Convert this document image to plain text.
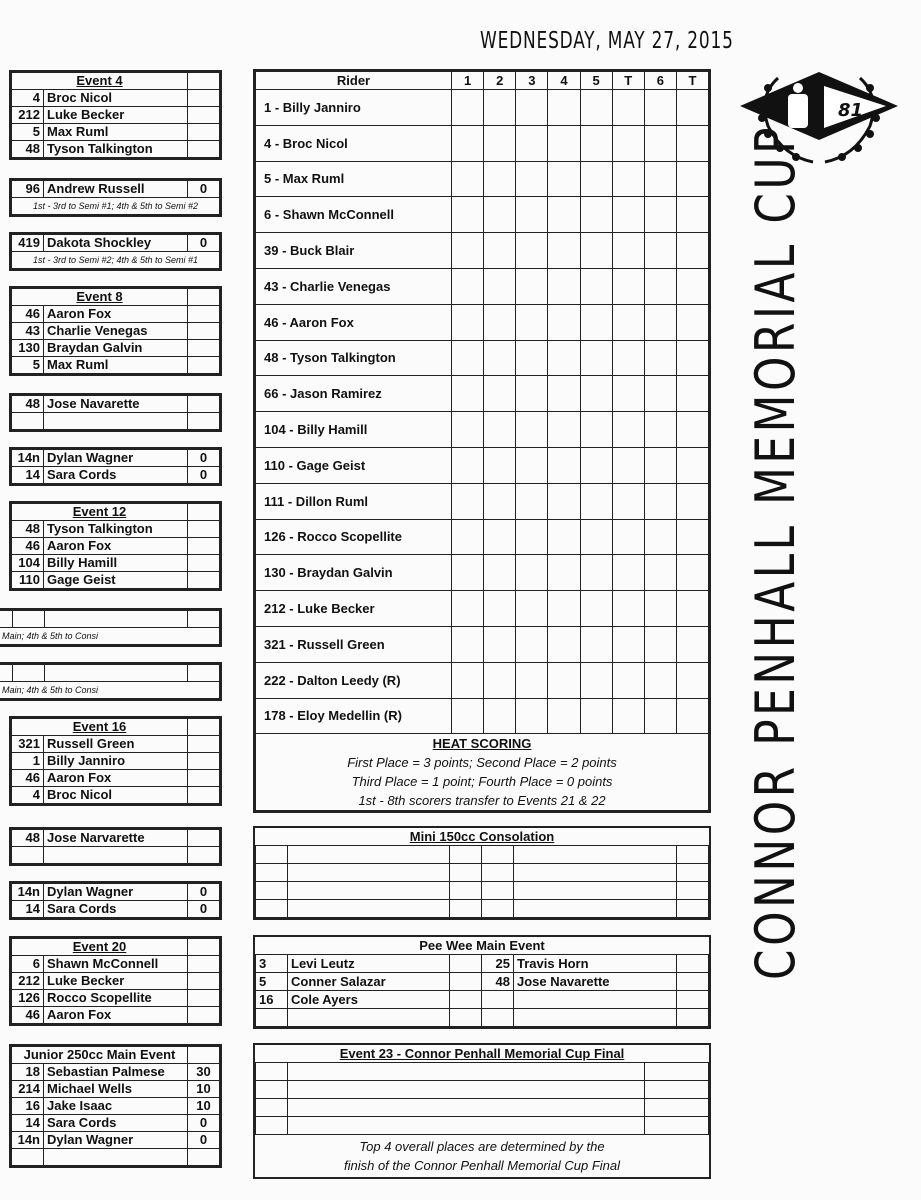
WEDNESDAY, MAY 27, 2015
81
CONNOR PENHALL MEMORIAL CUP
Event 4		
4	Broc Nicol	
212	Luke Becker	
5	Max Ruml	
48	Tyson Talkington	
96	Andrew Russell	0
1st - 3rd to Semi #1; 4th & 5th to Semi #2
419	Dakota Shockley	0
1st - 3rd to Semi #2; 4th & 5th to Semi #1
Event 8		
46	Aaron Fox	
43	Charlie Venegas	
130	Braydan Galvin	
5	Max Ruml	
48	Jose Navarette	

14n	Dylan Wagner	0
14	Sara Cords	0
Event 12		
48	Tyson Talkington	
46	Aaron Fox	
104	Billy Hamill	
110	Gage Geist	

Main; 4th & 5th to Consi

Main; 4th & 5th to Consi
Event 16		
321	Russell Green	
1	Billy Janniro	
46	Aaron Fox	
4	Broc Nicol	
48	Jose Narvarette	

14n	Dylan Wagner	0
14	Sara Cords	0
Event 20		
6	Shawn McConnell	
212	Luke Becker	
126	Rocco Scopellite	
46	Aaron Fox	
Junior 250cc Main Event		
18	Sebastian Palmese	30
214	Michael Wells	10
16	Jake Isaac	10
14	Sara Cords	0
14n	Dylan Wagner	0

Rider	1	2	3	4	5	T	6	T
1 - Billy Janniro								
4 - Broc Nicol								
5 - Max Ruml								
6 - Shawn McConnell								
39 - Buck Blair								
43 - Charlie Venegas								
46 - Aaron Fox								
48 - Tyson Talkington								
66 - Jason Ramirez								
104 - Billy Hamill								
110 - Gage Geist								
111 - Dillon Ruml								
126 - Rocco Scopellite								
130 - Braydan Galvin								
212 - Luke Becker								
321 - Russell Green								
222 - Dalton Leedy (R)								
178 - Eloy Medellin (R)								
HEAT SCORING
First Place = 3 points; Second Place = 2 points
Third Place = 1 point; Fourth Place = 0 points
1st - 8th scorers transfer to Events 21 & 22
Mini 150cc Consolation					

Pee Wee Main Event					
3	Levi Leutz		25	Travis Horn	
5	Conner Salazar		48	Jose Navarette	
16	Cole Ayers				

Event 23 - Connor Penhall Memorial Cup Final		

Top 4 overall places are determined by the
finish of the Connor Penhall Memorial Cup Final
